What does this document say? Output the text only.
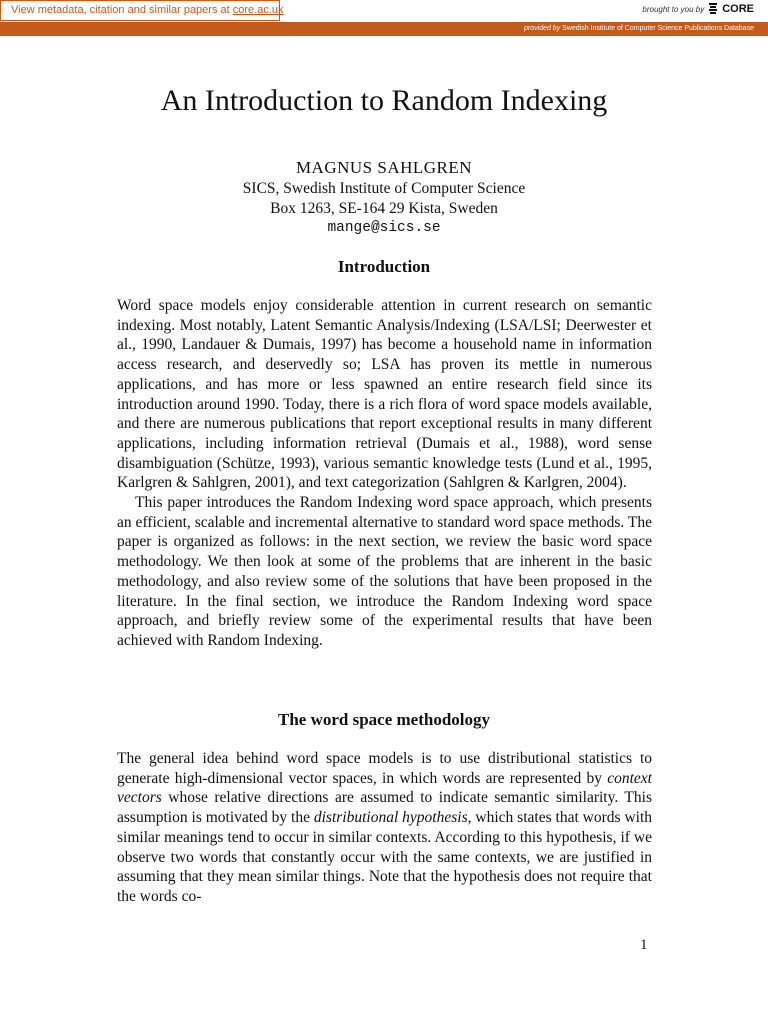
View metadata, citation and similar papers at core.ac.uk	brought to you by CORE
provided by Swedish Institute of Computer Science Publications Database
An Introduction to Random Indexing
MAGNUS SAHLGREN
SICS, Swedish Institute of Computer Science
Box 1263, SE-164 29 Kista, Sweden
mange@sics.se
Introduction

Word space models enjoy considerable attention in current research on semantic indexing. Most notably, Latent Semantic Analysis/Indexing (LSA/LSI; Deerwester et al., 1990, Landauer & Dumais, 1997) has become a household name in information access research, and deservedly so; LSA has proven its mettle in numerous applications, and has more or less spawned an entire research field since its introduction around 1990. Today, there is a rich flora of word space models available, and there are numerous publications that report exceptional results in many different applications, including information retrieval (Dumais et al., 1988), word sense disambiguation (Schütze, 1993), various semantic knowledge tests (Lund et al., 1995, Karlgren & Sahlgren, 2001), and text categorization (Sahlgren & Karlgren, 2004).

This paper introduces the Random Indexing word space approach, which presents an efficient, scalable and incremental alternative to standard word space methods. The paper is organized as follows: in the next section, we review the basic word space methodology. We then look at some of the problems that are inherent in the basic methodology, and also review some of the solutions that have been proposed in the literature. In the final section, we introduce the Random Indexing word space approach, and briefly review some of the experimental results that have been achieved with Random Indexing.

The word space methodology

The general idea behind word space models is to use distributional statistics to generate high-dimensional vector spaces, in which words are represented by context vectors whose relative directions are assumed to indicate semantic similarity. This assumption is motivated by the distributional hypothesis, which states that words with similar meanings tend to occur in similar contexts. According to this hypothesis, if we observe two words that constantly occur with the same contexts, we are justified in assuming that they mean similar things. Note that the hypothesis does not require that the words co-

1
